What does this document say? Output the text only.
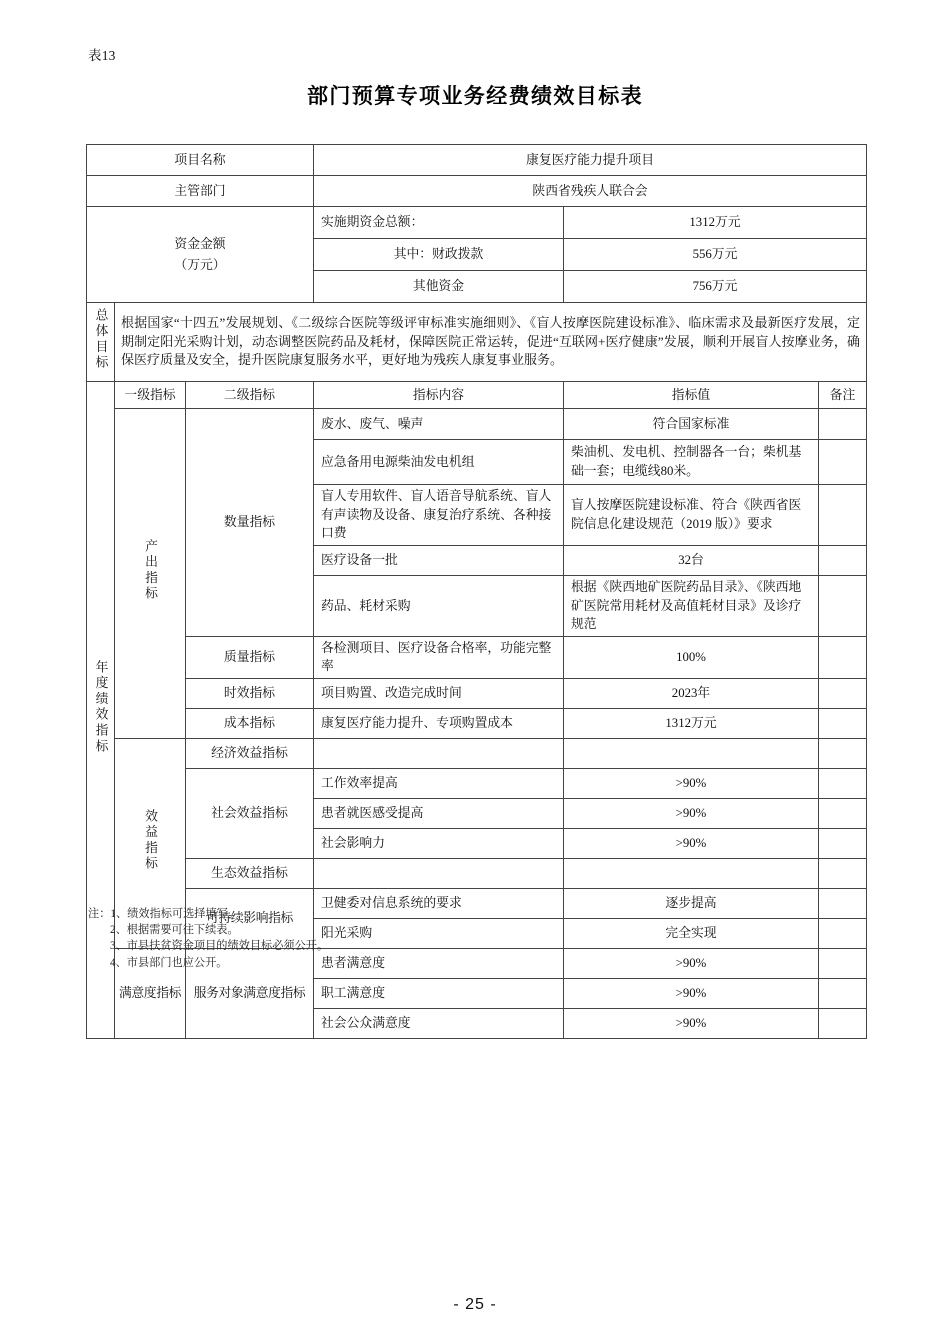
表13
部门预算专项业务经费绩效目标表
项目名称			康复医疗能力提升项目		
主管部门			陕西省残疾人联合会		
资金金额
（万元）			实施期资金总额：	1312万元	
			其中：财政拨款	556万元	
			其他资金	756万元	
总体目标	根据国家“十四五”发展规划、《二级综合医院等级评审标准实施细则》、《盲人按摩医院建设标准》、临床需求及最新医疗发展，定期制定阳光采购计划，动态调整医院药品及耗材，保障医院正常运转，促进“互联网+医疗健康”发展，顺利开展盲人按摩业务，确保医疗质量及安全，提升医院康复服务水平，更好地为残疾人康复事业服务。				
年度绩效指标	一级指标	二级指标	指标内容	指标值	备注
	产出指标	数量指标	废水、废气、噪声	符合国家标准	
			应急备用电源柴油发电机组	柴油机、发电机、控制器各一台；柴机基础一套；电缆线80米。	
			盲人专用软件、盲人语音导航系统、盲人有声读物及设备、康复治疗系统、各种接口费	盲人按摩医院建设标准、符合《陕西省医院信息化建设规范（2019 版）》要求	
			医疗设备一批	32台	
			药品、耗材采购	根据《陕西地矿医院药品目录》、《陕西地矿医院常用耗材及高值耗材目录》及诊疗规范	
		质量指标	各检测项目、医疗设备合格率，功能完整率	100%	
		时效指标	项目购置、改造完成时间	2023年	
		成本指标	康复医疗能力提升、专项购置成本	1312万元	
	效益指标	经济效益指标			
		社会效益指标	工作效率提高	>90%	
			患者就医感受提高	>90%	
			社会影响力	>90%	
		生态效益指标			
		可持续影响指标	卫健委对信息系统的要求	逐步提高	
			阳光采购	完全实现	
	满意度指标	服务对象满意度指标	患者满意度	>90%	
			职工满意度	>90%	
			社会公众满意度	>90%	
注：1、绩效指标可选择填写。
2、根据需要可往下续表。
3、市县扶贫资金项目的绩效目标必须公开。
4、市县部门也应公开。
- 25 -
